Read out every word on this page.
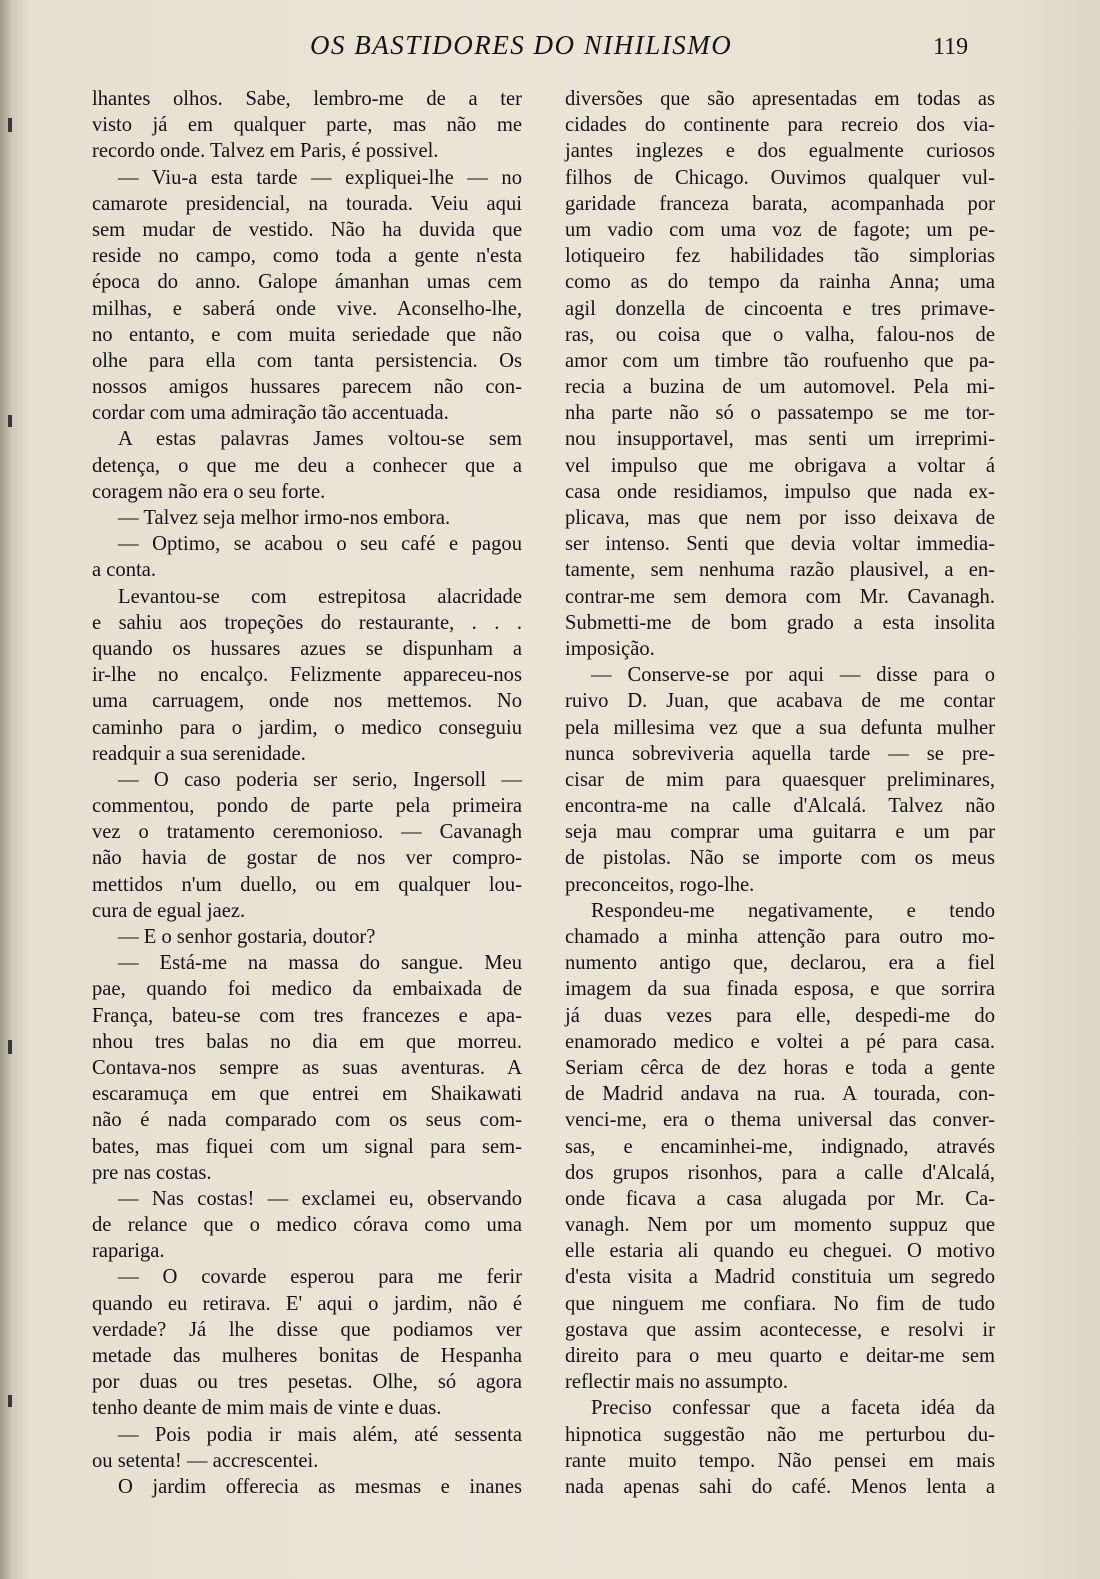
OS BASTIDORES DO NIHILISMO	119
lhantes olhos. Sabe, lembro-me de a ter
visto já em qualquer parte, mas não me
recordo onde. Talvez em Paris, é possivel.
— Viu-a esta tarde — expliquei-lhe — no
camarote presidencial, na tourada. Veiu aqui
sem mudar de vestido. Não ha duvida que
reside no campo, como toda a gente n'esta
época do anno. Galope ámanhan umas cem
milhas, e saberá onde vive. Aconselho-lhe,
no entanto, e com muita seriedade que não
olhe para ella com tanta persistencia. Os
nossos amigos hussares parecem não con-
cordar com uma admiração tão accentuada.
A estas palavras James voltou-se sem
detença, o que me deu a conhecer que a
coragem não era o seu forte.
— Talvez seja melhor irmo-nos embora.
— Optimo, se acabou o seu café e pagou
a conta.
Levantou-se com estrepitosa alacridade
e sahiu aos tropeções do restaurante, . . .
quando os hussares azues se dispunham a
ir-lhe no encalço. Felizmente appareceu-nos
uma carruagem, onde nos mettemos. No
caminho para o jardim, o medico conseguiu
readquir a sua serenidade.
— O caso poderia ser serio, Ingersoll —
commentou, pondo de parte pela primeira
vez o tratamento ceremonioso. — Cavanagh
não havia de gostar de nos ver compro-
mettidos n'um duello, ou em qualquer lou-
cura de egual jaez.
— E o senhor gostaria, doutor?
— Está-me na massa do sangue. Meu
pae, quando foi medico da embaixada de
França, bateu-se com tres francezes e apa-
nhou tres balas no dia em que morreu.
Contava-nos sempre as suas aventuras. A
escaramuça em que entrei em Shaikawati
não é nada comparado com os seus com-
bates, mas fiquei com um signal para sem-
pre nas costas.
— Nas costas! — exclamei eu, observando
de relance que o medico córava como uma
rapariga.
— O covarde esperou para me ferir
quando eu retirava. E' aqui o jardim, não é
verdade? Já lhe disse que podiamos ver
metade das mulheres bonitas de Hespanha
por duas ou tres pesetas. Olhe, só agora
tenho deante de mim mais de vinte e duas.
— Pois podia ir mais além, até sessenta
ou setenta! — accrescentei.
O jardim offerecia as mesmas e inanes
diversões que são apresentadas em todas as
cidades do continente para recreio dos via-
jantes inglezes e dos egualmente curiosos
filhos de Chicago. Ouvimos qualquer vul-
garidade franceza barata, acompanhada por
um vadio com uma voz de fagote; um pe-
lotiqueiro fez habilidades tão simplorias
como as do tempo da rainha Anna; uma
agil donzella de cincoenta e tres primave-
ras, ou coisa que o valha, falou-nos de
amor com um timbre tão roufuenho que pa-
recia a buzina de um automovel. Pela mi-
nha parte não só o passatempo se me tor-
nou insupportavel, mas senti um irreprimi-
vel impulso que me obrigava a voltar á
casa onde residiamos, impulso que nada ex-
plicava, mas que nem por isso deixava de
ser intenso. Senti que devia voltar immedia-
tamente, sem nenhuma razão plausivel, a en-
contrar-me sem demora com Mr. Cavanagh.
Submetti-me de bom grado a esta insolita
imposição.
— Conserve-se por aqui — disse para o
ruivo D. Juan, que acabava de me contar
pela millesima vez que a sua defunta mulher
nunca sobreviveria aquella tarde — se pre-
cisar de mim para quaesquer preliminares,
encontra-me na calle d'Alcalá. Talvez não
seja mau comprar uma guitarra e um par
de pistolas. Não se importe com os meus
preconceitos, rogo-lhe.
Respondeu-me negativamente, e tendo
chamado a minha attenção para outro mo-
numento antigo que, declarou, era a fiel
imagem da sua finada esposa, e que sorrira
já duas vezes para elle, despedi-me do
enamorado medico e voltei a pé para casa.
Seriam cêrca de dez horas e toda a gente
de Madrid andava na rua. A tourada, con-
venci-me, era o thema universal das conver-
sas, e encaminhei-me, indignado, através
dos grupos risonhos, para a calle d'Alcalá,
onde ficava a casa alugada por Mr. Ca-
vanagh. Nem por um momento suppuz que
elle estaria ali quando eu cheguei. O motivo
d'esta visita a Madrid constituia um segredo
que ninguem me confiara. No fim de tudo
gostava que assim acontecesse, e resolvi ir
direito para o meu quarto e deitar-me sem
reflectir mais no assumpto.
Preciso confessar que a faceta idéa da
hipnotica suggestão não me perturbou du-
rante muito tempo. Não pensei em mais
nada apenas sahi do café. Menos lenta a
